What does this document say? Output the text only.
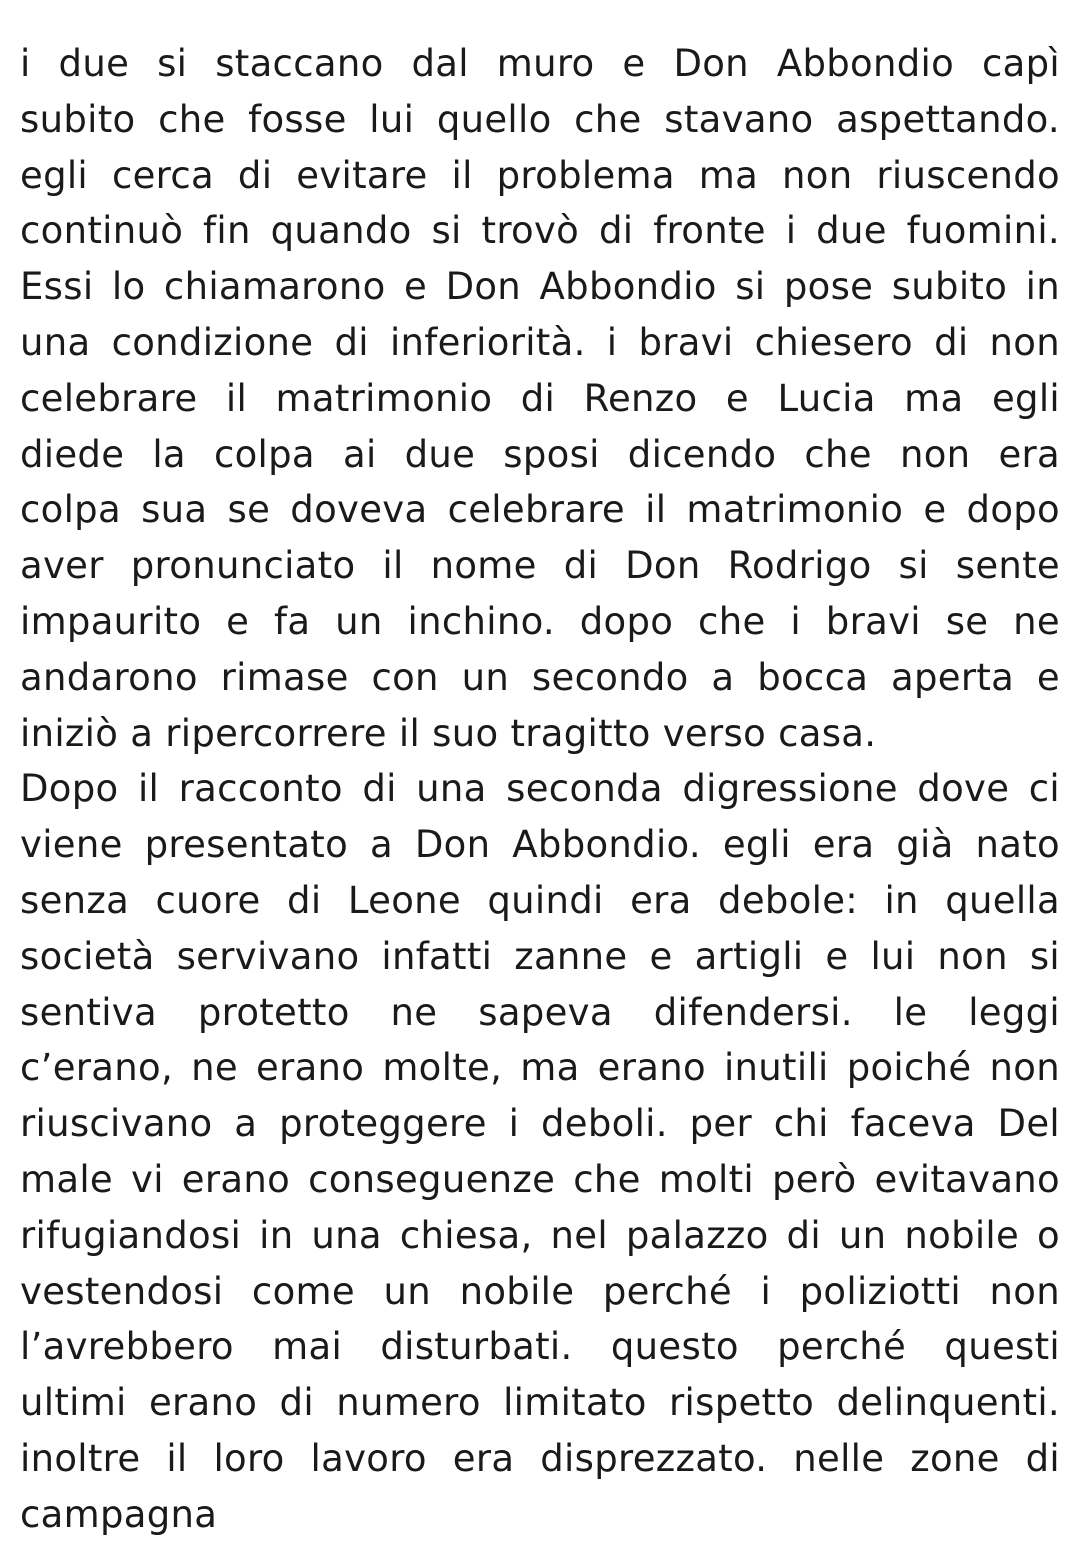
i due si staccano dal muro e Don Abbondio capì
subito che fosse lui quello che stavano aspettando.
egli cerca di evitare il problema ma non riuscendo
continuò fin quando si trovò di fronte i due fuomini.
Essi lo chiamarono e Don Abbondio si pose subito in
una condizione di inferiorità. i bravi chiesero di non
celebrare il matrimonio di Renzo e Lucia ma egli
diede la colpa ai due sposi dicendo che non era
colpa sua se doveva celebrare il matrimonio e dopo
aver pronunciato il nome di Don Rodrigo si sente
impaurito e fa un inchino. dopo che i bravi se ne
andarono rimase con un secondo a bocca aperta e
iniziò a ripercorrere il suo tragitto verso casa.
Dopo il racconto di una seconda digressione dove ci
viene presentato a Don Abbondio. egli era già nato
senza cuore di Leone quindi era debole: in quella
società servivano infatti zanne e artigli e lui non si
sentiva protetto ne sapeva difendersi. le leggi
c’erano, ne erano molte, ma erano inutili poiché non
riuscivano a proteggere i deboli. per chi faceva Del
male vi erano conseguenze che molti però evitavano
rifugiandosi in una chiesa, nel palazzo di un nobile o
vestendosi come un nobile perché i poliziotti non
l’avrebbero mai disturbati. questo perché questi
ultimi erano di numero limitato rispetto delinquenti.
inoltre il loro lavoro era disprezzato. nelle zone di
campagna
